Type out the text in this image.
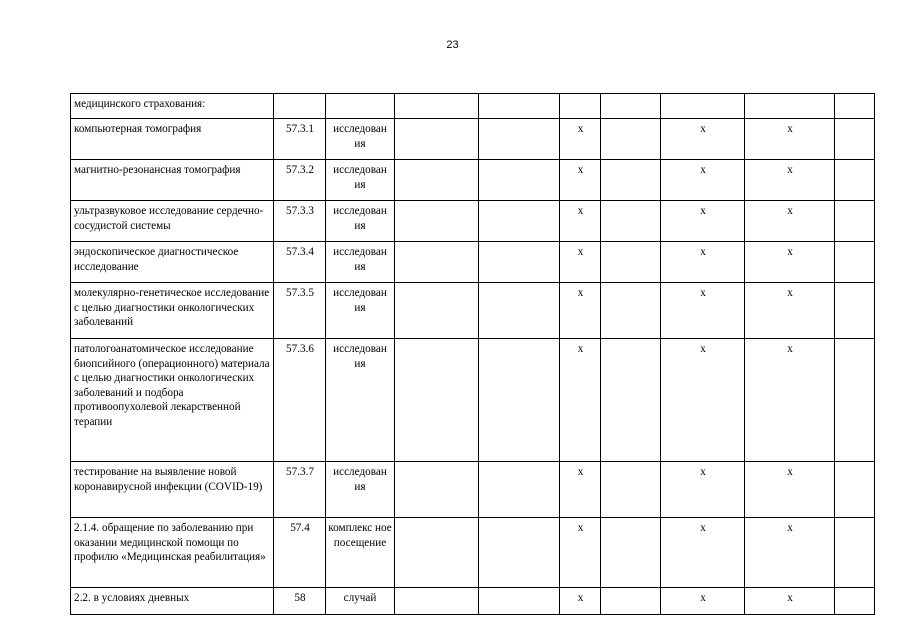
23
медицинского страхования:										
компьютерная томография	57.3.1	исследован ия			х		х	х		
магнитно-резонансная томография	57.3.2	исследован ия			х		х	х		
ультразвуковое исследование сердечно-сосудистой системы	57.3.3	исследован ия			х		х	х		
эндоскопическое диагностическое исследование	57.3.4	исследован ия			х		х	х		
молекулярно-генетическое исследование с целью диагностики онкологических заболеваний	57.3.5	исследован ия			х		х	х		
патологоанатомическое исследование биопсийного (операционного) материала с целью диагностики онкологических заболеваний и подбора противоопухолевой лекарственной терапии	57.3.6	исследован ия			х		х	х		
тестирование на выявление новой коронавирусной инфекции (COVID-19)	57.3.7	исследован ия			х		х	х		
2.1.4. обращение по заболеванию при оказании медицинской помощи по профилю «Медицинская реабилитация»	57.4	комплекс ное посещение			х		х	х		
2.2. в условиях дневных	58	случай			х		х	х		
